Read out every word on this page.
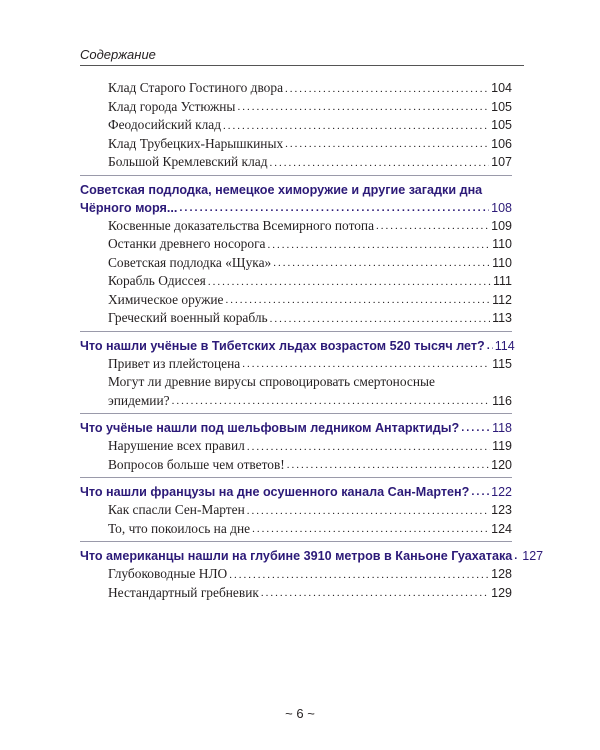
Содержание
Клад Старого Гостиного двора .....	104
Клад города Устюжны .....	105
Феодосийский клад .....	105
Клад Трубецких-Нарышкиных .....	106
Большой Кремлевский клад .....	107
Советская подлодка, немецкое химоружие и другие загадки дна
Чёрного моря... .....	108
Косвенные доказательства Всемирного потопа .....	109
Останки древнего носорога .....	110
Советская подлодка «Щука» .....	110
Корабль Одиссея .....	111
Химическое оружие .....	112
Греческий военный корабль .....	113
Что нашли учёные в Тибетских льдах возрастом 520 тысяч лет? ..... 114
Привет из плейстоцена .....	115
Могут ли древние вирусы спровоцировать смертоносные
эпидемии? .....	116
Что учёные нашли под шельфовым ледником Антарктиды? .....	118
Нарушение всех правил .....	119
Вопросов больше чем ответов! .....	120
Что нашли французы на дне осушенного канала Сан-Мартен? ..... 122
Как спасли Сен-Мартен .....	123
То, что покоилось на дне .....	124
Что американцы нашли на глубине 3910 метров в Каньоне Гуахатака ..... 127
Глубоководные НЛО .....	128
Нестандартный гребневик .....	129
~ 6 ~
